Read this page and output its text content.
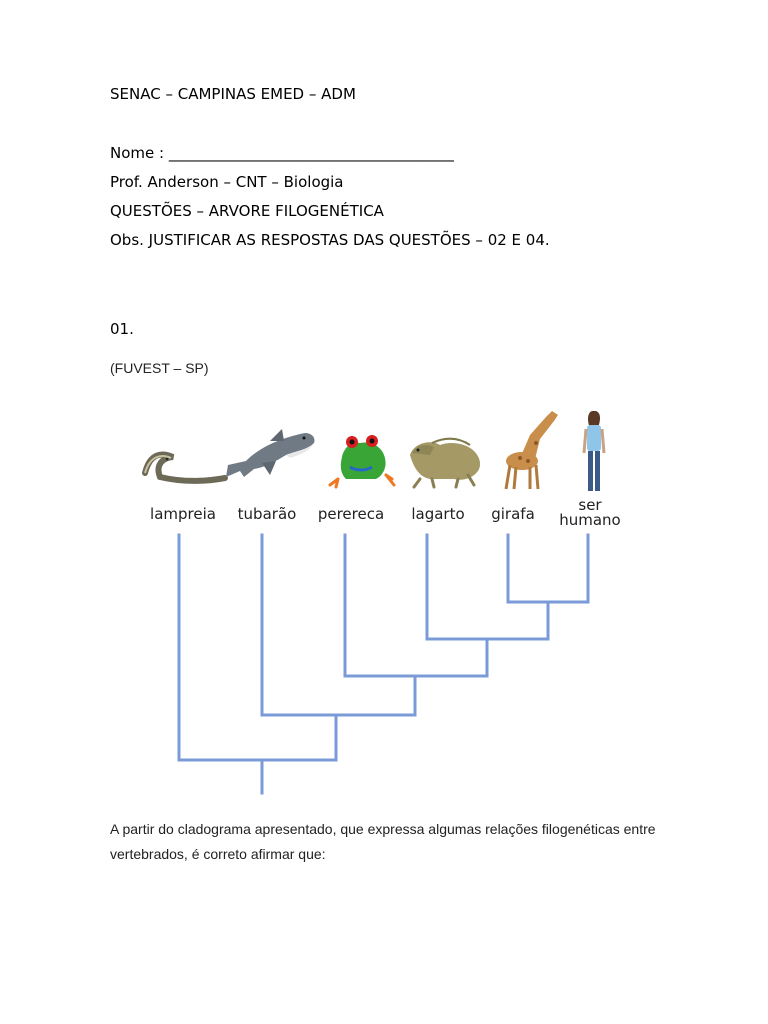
SENAC – CAMPINAS EMED – ADM
Nome : ______________________________________
Prof. Anderson – CNT – Biologia
QUESTÕES – ARVORE FILOGENÉTICA
Obs. JUSTIFICAR AS RESPOSTAS DAS QUESTÕES – 02 E 04.
01.
(FUVEST – SP)
lampreia tubarão perereca lagarto girafa	ser
humano
A partir do cladograma apresentado, que expressa algumas relações filogenéticas entre vertebrados, é correto afirmar que:
